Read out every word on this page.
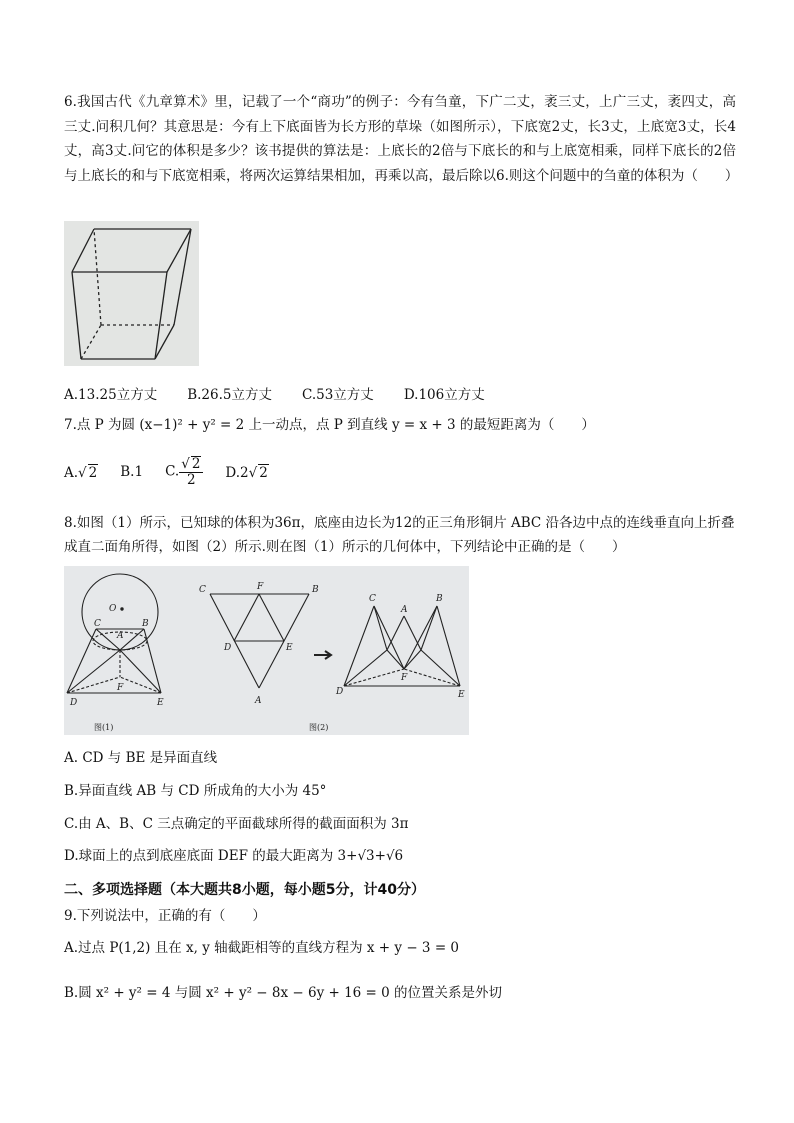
6.我国古代《九章算术》里，记载了一个“商功”的例子：今有刍童，下广二丈，袤三丈，上广三丈，袤四丈，高三丈.问积几何？其意思是：今有上下底面皆为长方形的草垛（如图所示），下底宽2丈，长3丈，上底宽3丈，长4丈，高3丈.问它的体积是多少？该书提供的算法是：上底长的2倍与下底长的和与上底宽相乘，同样下底长的2倍与上底长的和与下底宽相乘，将两次运算结果相加，再乘以高，最后除以6.则这个问题中的刍童的体积为（　　）
A.13.25立方丈 B.26.5立方丈 C.53立方丈 D.106立方丈
7.点 P 为圆 (x−1)² + y² = 2 上一动点，点 P 到直线 y = x + 3 的最短距离为（　　）
A.√ 2 B.1 C. $\frac{√ 2}{2} D.2√$ 2
8.如图（1）所示，已知球的体积为36π，底座由边长为12的正三角形铜片 ABC 沿各边中点的连线垂直向上折叠成直二面角所得，如图（2）所示.则在图（1）所示的几何体中，下列结论中正确的是（　　）
O
C
A
B
F
D	E
图(1)
C	F	B
D	E
A
图(2)
C
A
B
F
D	E
A. CD 与 BE 是异面直线
B.异面直线 AB 与 CD 所成角的大小为 45°
C.由 A、B、C 三点确定的平面截球所得的截面面积为 3π
D.球面上的点到底座底面 DEF 的最大距离为 3+√3+√6
二、多项选择题（本大题共8小题，每小题5分，计40分）
9.下列说法中，正确的有（　　）
A.过点 P(1,2) 且在 x, y 轴截距相等的直线方程为 x + y − 3 = 0
B.圆 x² + y² = 4 与圆 x² + y² − 8x − 6y + 16 = 0 的位置关系是外切
